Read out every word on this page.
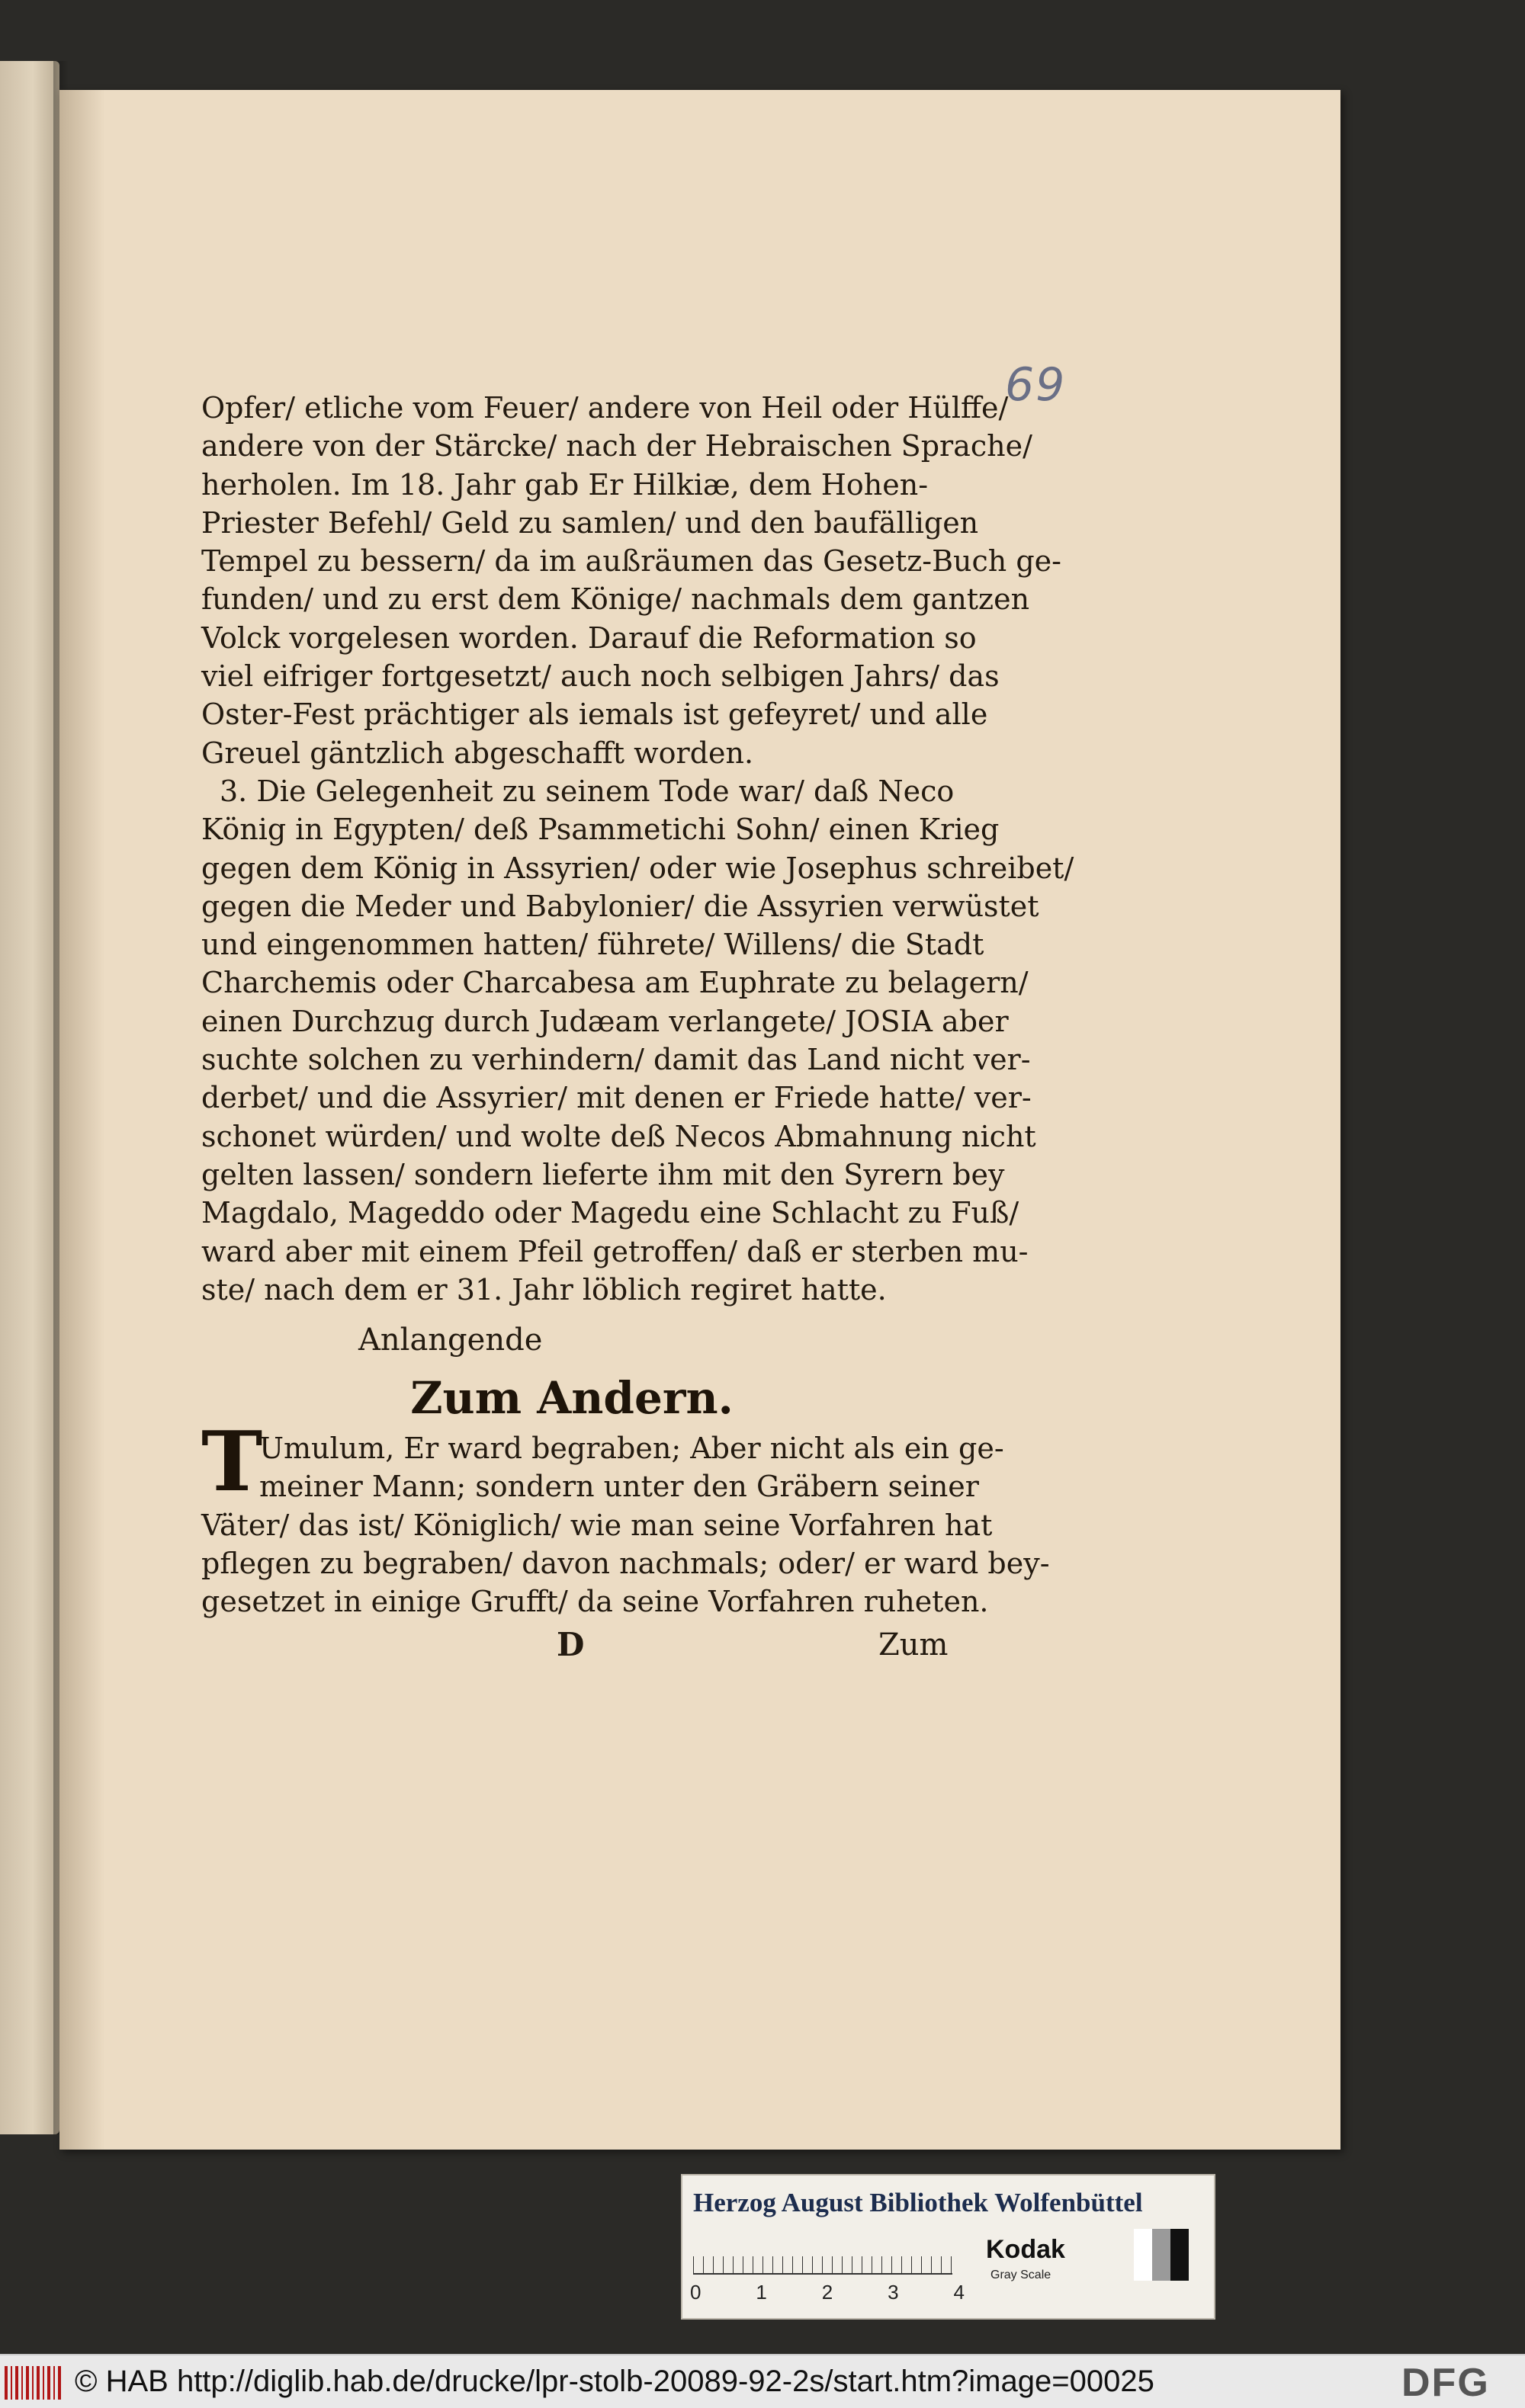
69
Opfer/ etliche vom Feuer/ andere von Heil oder Hülffe/
andere von der Stärcke/ nach der Hebraischen Sprache/
herholen. Im 18. Jahr gab Er Hilkiæ, dem Hohen-
Priester Befehl/ Geld zu samlen/ und den baufälligen
Tempel zu bessern/ da im außräumen das Gesetz-Buch ge-
funden/ und zu erst dem Könige/ nachmals dem gantzen
Volck vorgelesen worden. Darauf die Reformation so
viel eifriger fortgesetzt/ auch noch selbigen Jahrs/ das
Oster-Fest prächtiger als iemals ist gefeyret/ und alle
Greuel gäntzlich abgeschafft worden.
3. Die Gelegenheit zu seinem Tode war/ daß Neco
König in Egypten/ deß Psammetichi Sohn/ einen Krieg
gegen dem König in Assyrien/ oder wie Josephus schreibet/
gegen die Meder und Babylonier/ die Assyrien verwüstet
und eingenommen hatten/ führete/ Willens/ die Stadt
Charchemis oder Charcabesa am Euphrate zu belagern/
einen Durchzug durch Judæam verlangete/ JOSIA aber
suchte solchen zu verhindern/ damit das Land nicht ver-
derbet/ und die Assyrier/ mit denen er Friede hatte/ ver-
schonet würden/ und wolte deß Necos Abmahnung nicht
gelten lassen/ sondern lieferte ihm mit den Syrern bey
Magdalo, Mageddo oder Magedu eine Schlacht zu Fuß/
ward aber mit einem Pfeil getroffen/ daß er sterben mu-
ste/ nach dem er 31. Jahr löblich regiret hatte.
Anlangende
Zum Andern.
T
Umulum, Er ward begraben; Aber nicht als ein ge-
meiner Mann; sondern unter den Gräbern seiner
Väter/ das ist/ Königlich/ wie man seine Vorfahren hat
pflegen zu begraben/ davon nachmals; oder/ er ward bey-
gesetzet in einige Grufft/ da seine Vorfahren ruheten.
D	Zum
Herzog August Bibliothek Wolfenbüttel
0	1	2	3	4
Kodak
Gray Scale
© HAB http://diglib.hab.de/drucke/lpr-stolb-20089-92-2s/start.htm?image=00025	DFG
